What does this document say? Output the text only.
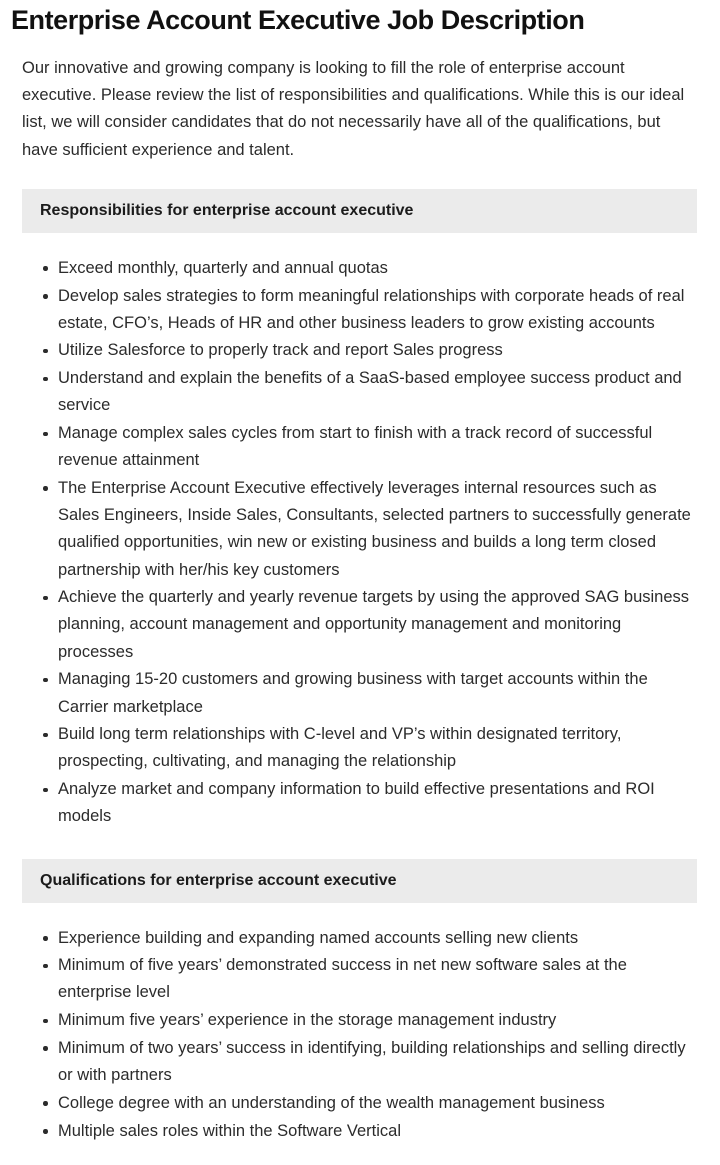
Enterprise Account Executive Job Description

Our innovative and growing company is looking to fill the role of enterprise account executive. Please review the list of responsibilities and qualifications. While this is our ideal list, we will consider candidates that do not necessarily have all of the qualifications, but have sufficient experience and talent.

Responsibilities for enterprise account executive
Exceed monthly, quarterly and annual quotas
Develop sales strategies to form meaningful relationships with corporate heads of real estate, CFO’s, Heads of HR and other business leaders to grow existing accounts
Utilize Salesforce to properly track and report Sales progress
Understand and explain the benefits of a SaaS-based employee success product and service
Manage complex sales cycles from start to finish with a track record of successful revenue attainment
The Enterprise Account Executive effectively leverages internal resources such as Sales Engineers, Inside Sales, Consultants, selected partners to successfully generate qualified opportunities, win new or existing business and builds a long term closed partnership with her/his key customers
Achieve the quarterly and yearly revenue targets by using the approved SAG business planning, account management and opportunity management and monitoring processes
Managing 15-20 customers and growing business with target accounts within the Carrier marketplace
Build long term relationships with C-level and VP’s within designated territory, prospecting, cultivating, and managing the relationship
Analyze market and company information to build effective presentations and ROI models
Qualifications for enterprise account executive
Experience building and expanding named accounts selling new clients
Minimum of five years’ demonstrated success in net new software sales at the enterprise level
Minimum five years’ experience in the storage management industry
Minimum of two years’ success in identifying, building relationships and selling directly or with partners
College degree with an understanding of the wealth management business
Multiple sales roles within the Software Vertical
